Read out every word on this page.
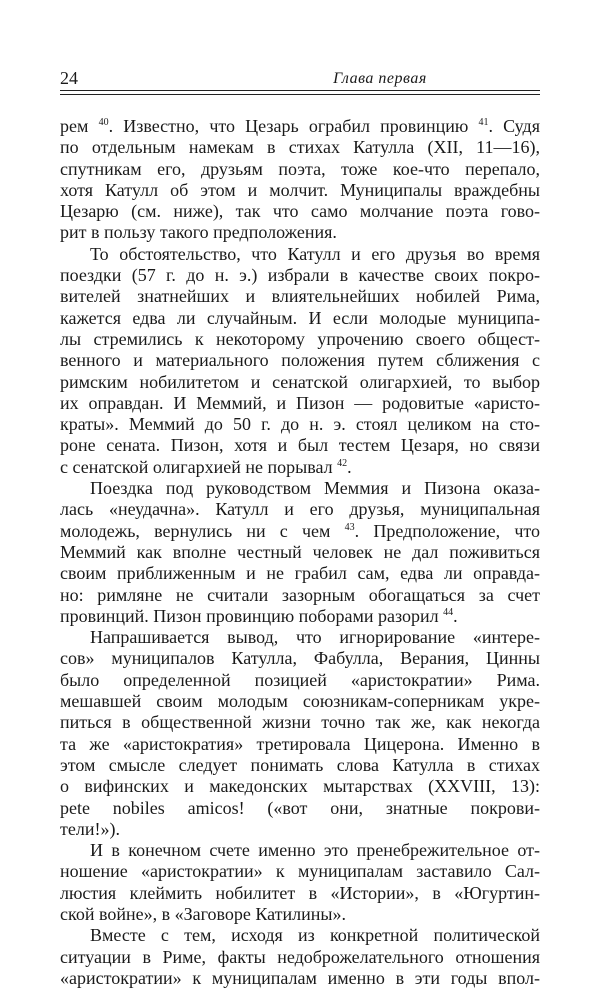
24	Глава первая
рем $^{40}$. Известно, что Цезарь ограбил провинцию $^{41}$. Судя
по отдельным намекам в стихах Катулла (XII, 11—16),
спутникам его, друзьям поэта, тоже кое-что перепало,
хотя Катулл об этом и молчит. Муниципалы враждебны
Цезарю (см. ниже), так что само молчание поэта гово-
рит в пользу такого предположения.
То обстоятельство, что Катулл и его друзья во время
поездки (57 г. до н. э.) избрали в качестве своих покро-
вителей знатнейших и влиятельнейших нобилей Рима,
кажется едва ли случайным. И если молодые муниципа-
лы стремились к некоторому упрочению своего общест-
венного и материального положения путем сближения с
римским нобилитетом и сенатской олигархией, то выбор
их оправдан. И Меммий, и Пизон — родовитые «аристо-
краты». Меммий до 50 г. до н. э. стоял целиком на сто-
роне сената. Пизон, хотя и был тестем Цезаря, но связи
с сенатской олигархией не порывал $^{42}$.
Поездка под руководством Меммия и Пизона оказа-
лась «неудачна». Катулл и его друзья, муниципальная
молодежь, вернулись ни с чем $^{43}$. Предположение, что
Меммий как вполне честный человек не дал поживиться
своим приближенным и не грабил сам, едва ли оправда-
но: римляне не считали зазорным обогащаться за счет
провинций. Пизон провинцию поборами разорил $^{44}$.
Напрашивается вывод, что игнорирование «интере-
сов» муниципалов Катулла, Фабулла, Верания, Цинны
было определенной позицией «аристократии» Рима.
мешавшей своим молодым союзникам-соперникам укре-
питься в общественной жизни точно так же, как некогда
та же «аристократия» третировала Цицерона. Именно в
этом смысле следует понимать слова Катулла в стихах
о вифинских и македонских мытарствах (XXVIII, 13):
pete nobiles amicos! («вот они, знатные покрови-
тели!»).
И в конечном счете именно это пренебрежительное от-
ношение «аристократии» к муниципалам заставило Сал-
люстия клеймить нобилитет в «Истории», в «Югуртин-
ской войне», в «Заговоре Катилины».
Вместе с тем, исходя из конкретной политической
ситуации в Риме, факты недоброжелательного отношения
«аристократии» к муниципалам именно в эти годы впол-
